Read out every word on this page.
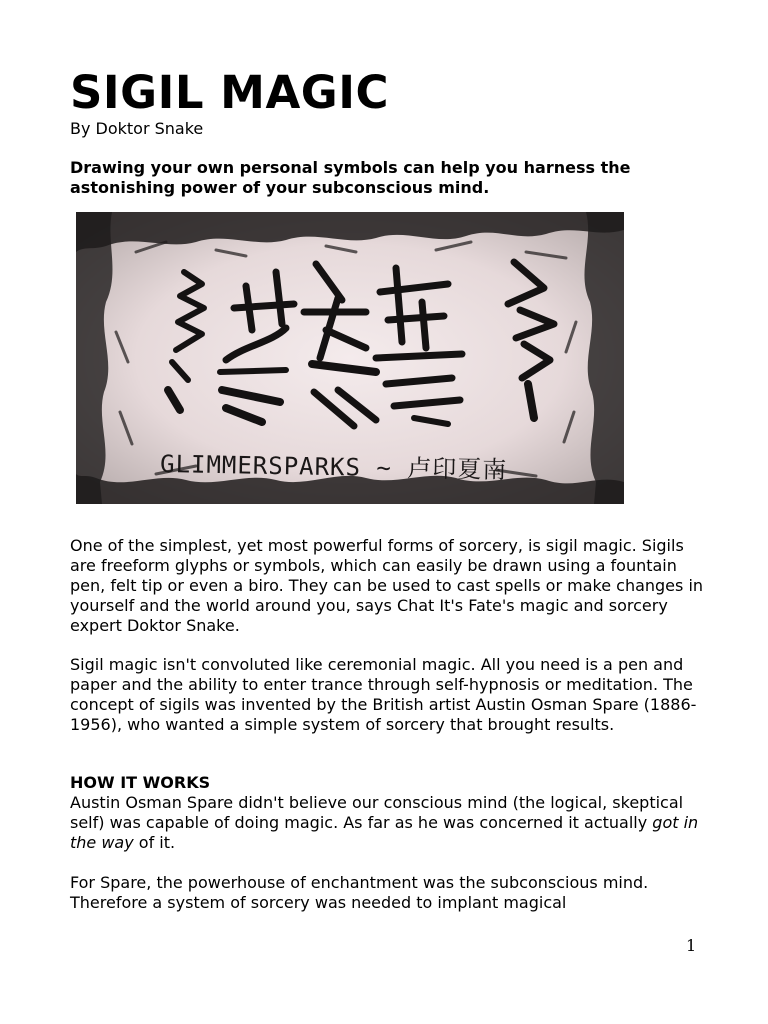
SIGIL MAGIC

By Doktor Snake

Drawing your own personal symbols can help you harness the astonishing power of your subconscious mind.

GLIMMERSPARKS ~ 卢印夏南

One of the simplest, yet most powerful forms of sorcery, is sigil magic. Sigils are freeform glyphs or symbols, which can easily be drawn using a fountain pen, felt tip or even a biro. They can be used to cast spells or make changes in yourself and the world around you, says Chat It's Fate's magic and sorcery expert Doktor Snake.

Sigil magic isn't convoluted like ceremonial magic. All you need is a pen and paper and the ability to enter trance through self-hypnosis or meditation. The concept of sigils was invented by the British artist Austin Osman Spare (1886-1956), who wanted a simple system of sorcery that brought results.

HOW IT WORKS

Austin Osman Spare didn't believe our conscious mind (the logical, skeptical self) was capable of doing magic. As far as he was concerned it actually got in the way of it.

For Spare, the powerhouse of enchantment was the subconscious mind. Therefore a system of sorcery was needed to implant magical

1
